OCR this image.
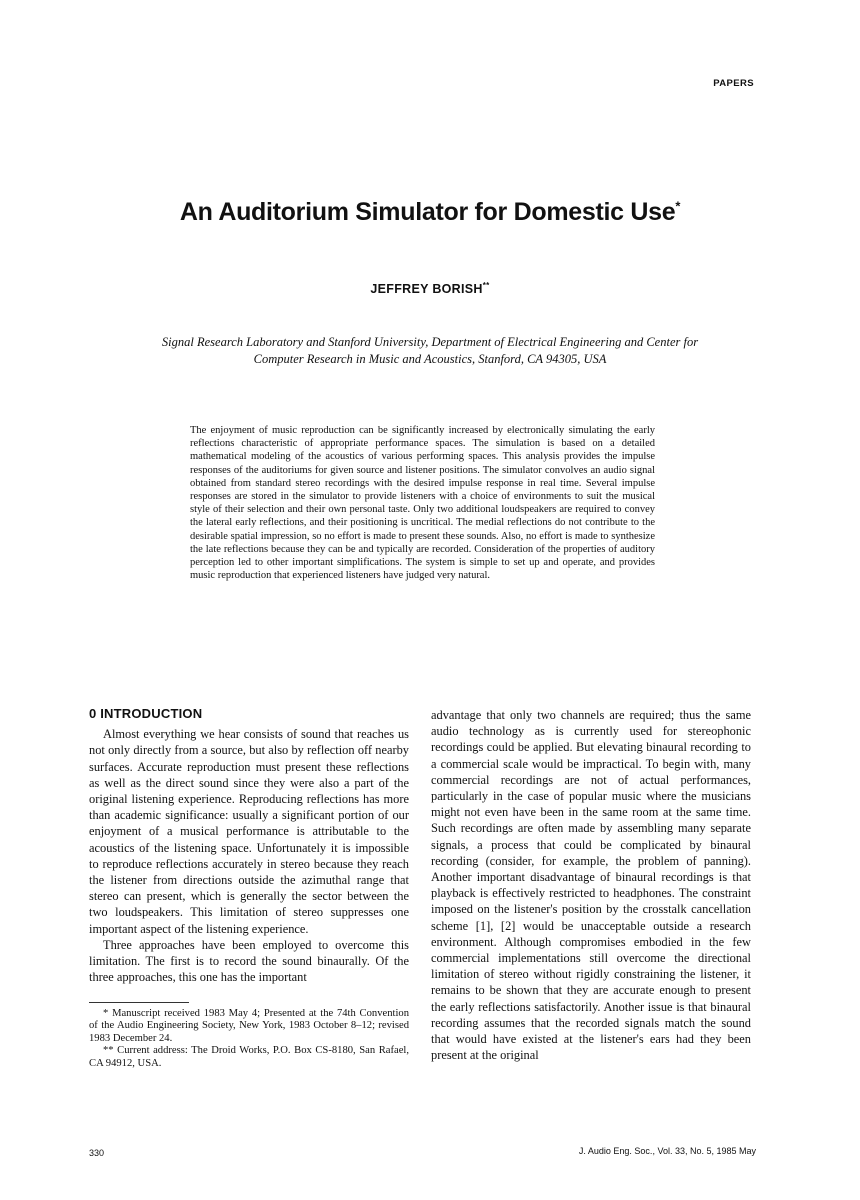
PAPERS
An Auditorium Simulator for Domestic Use*
JEFFREY BORISH**
Signal Research Laboratory and Stanford University, Department of Electrical Engineering and Center for
Computer Research in Music and Acoustics, Stanford, CA 94305, USA
The enjoyment of music reproduction can be significantly increased by electronically simulating the early reflections characteristic of appropriate performance spaces. The simulation is based on a detailed mathematical modeling of the acoustics of various performing spaces. This analysis provides the impulse responses of the auditoriums for given source and listener positions. The simulator convolves an audio signal obtained from standard stereo recordings with the desired impulse response in real time. Several impulse responses are stored in the simulator to provide listeners with a choice of environments to suit the musical style of their selection and their own personal taste. Only two additional loudspeakers are required to convey the lateral early reflections, and their positioning is uncritical. The medial reflections do not contribute to the desirable spatial impression, so no effort is made to present these sounds. Also, no effort is made to synthesize the late reflections because they can be and typically are recorded. Consideration of the properties of auditory perception led to other important simplifications. The system is simple to set up and operate, and provides music reproduction that experienced listeners have judged very natural.
0 INTRODUCTION

Almost everything we hear consists of sound that reaches us not only directly from a source, but also by reflection off nearby surfaces. Accurate reproduction must present these reflections as well as the direct sound since they were also a part of the original listening experience. Reproducing reflections has more than academic significance: usually a significant portion of our enjoyment of a musical performance is attributable to the acoustics of the listening space. Unfortunately it is impossible to reproduce reflections accurately in stereo because they reach the listener from directions outside the azimuthal range that stereo can present, which is generally the sector between the two loudspeakers. This limitation of stereo suppresses one important aspect of the listening experience.

Three approaches have been employed to overcome this limitation. The first is to record the sound binaurally. Of the three approaches, this one has the important

* Manuscript received 1983 May 4; Presented at the 74th Convention of the Audio Engineering Society, New York, 1983 October 8–12; revised 1983 December 24.

** Current address: The Droid Works, P.O. Box CS-8180, San Rafael, CA 94912, USA.

advantage that only two channels are required; thus the same audio technology as is currently used for stereophonic recordings could be applied. But elevating binaural recording to a commercial scale would be impractical. To begin with, many commercial recordings are not of actual performances, particularly in the case of popular music where the musicians might not even have been in the same room at the same time. Such recordings are often made by assembling many separate signals, a process that could be complicated by binaural recording (consider, for example, the problem of panning). Another important disadvantage of binaural recordings is that playback is effectively restricted to headphones. The constraint imposed on the listener's position by the crosstalk cancellation scheme [1], [2] would be unacceptable outside a research environment. Although compromises embodied in the few commercial implementations still overcome the directional limitation of stereo without rigidly constraining the listener, it remains to be shown that they are accurate enough to present the early reflections satisfactorily. Another issue is that binaural recording assumes that the recorded signals match the sound that would have existed at the listener's ears had they been present at the original

330	J. Audio Eng. Soc., Vol. 33, No. 5, 1985 May
